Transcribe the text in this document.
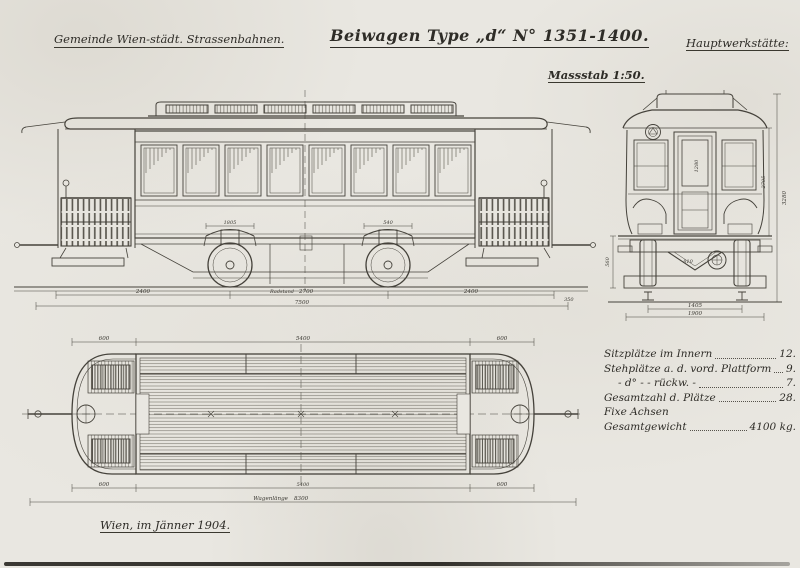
Gemeinde Wien-städt. Strassenbahnen.	Beiwagen Type „d“ N° 1351-1400.	Hauptwerkstätte:
Massstab 1:50.
1805	540
2400	Radstand 2700	2400
7500	350
1280
3280
2705
560	810
1405
1900
600	5400	600
600	5400	600
Wagenlänge 8300
Sitzplätze im Innern	12.
Stehplätze a. d. vord. Plattform 9.
- d° - - rückw. -	7.
Gesamtzahl d. Plätze	28.
Fixe Achsen
Gesamtgewicht	4100 kg.
Wien, im Jänner 1904.
